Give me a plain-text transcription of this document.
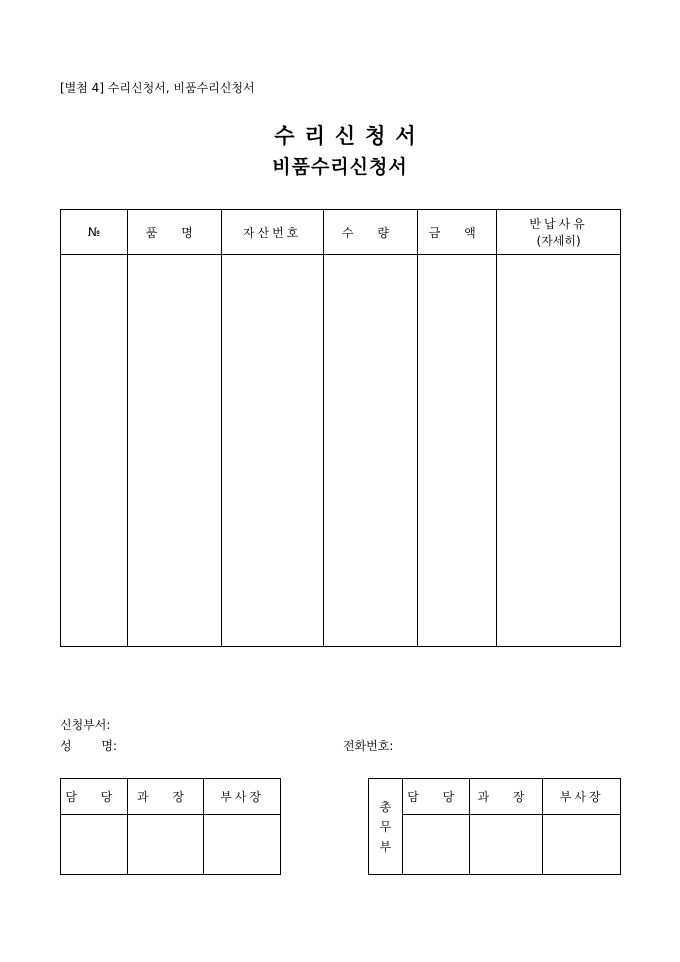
[별첨 4] 수리신청서, 비품수리신청서
수리신청서
비품수리신청서
№	품 명	자산번호	수 량	금 액	반납사유
(자세히)

신청부서:
성 명:	전화번호:
담 당	과 장	부사장

총
무
부	담 당	과 장	부사장
